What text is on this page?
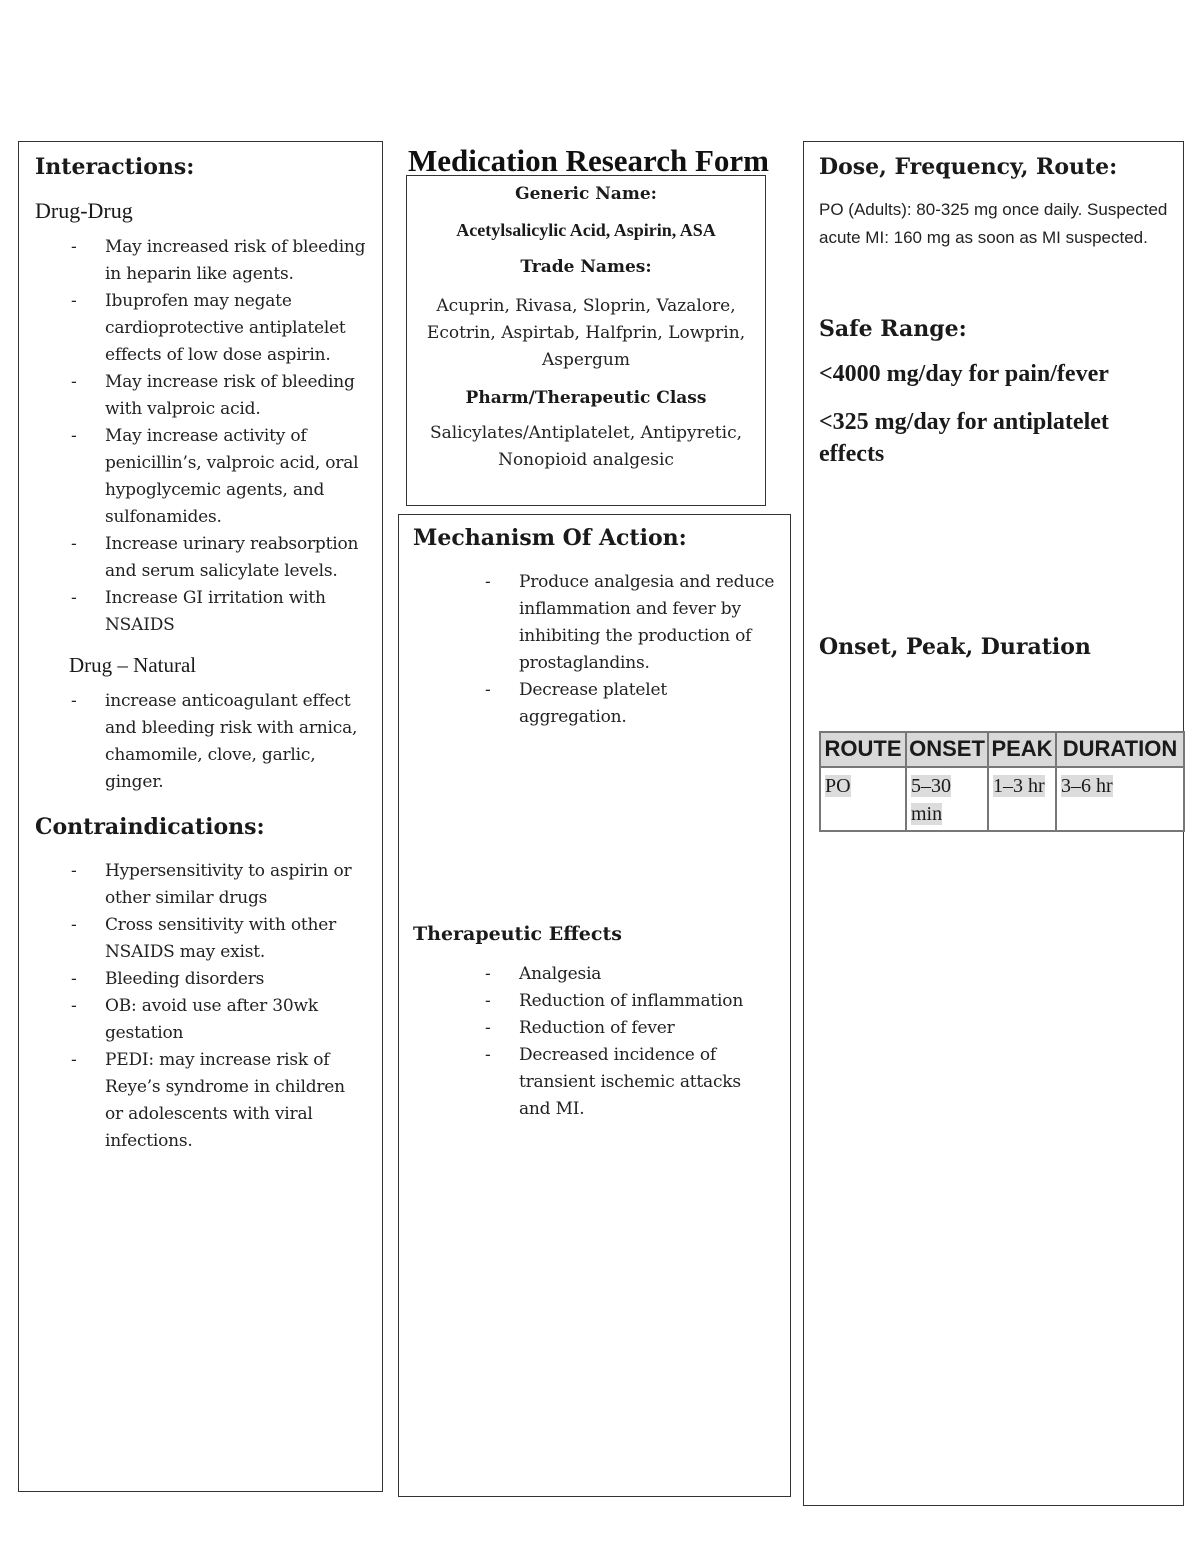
Interactions:
Drug-Drug
- May increased risk of bleeding in heparin like agents.
- Ibuprofen may negate cardioprotective antiplatelet effects of low dose aspirin.
- May increase risk of bleeding with valproic acid.
- May increase activity of penicillin’s, valproic acid, oral hypoglycemic agents, and sulfonamides.
- Increase urinary reabsorption and serum salicylate levels.
- Increase GI irritation with NSAIDS
Drug – Natural
- increase anticoagulant effect and bleeding risk with arnica, chamomile, clove, garlic, ginger.
Contraindications:
- Hypersensitivity to aspirin or other similar drugs
- Cross sensitivity with other NSAIDS may exist.
- Bleeding disorders
- OB: avoid use after 30wk gestation
- PEDI: may increase risk of Reye’s syndrome in children or adolescents with viral infections.
Medication Research Form

Generic Name:

Acetylsalicylic Acid, Aspirin, ASA

Trade Names:

Acuprin, Rivasa, Sloprin, Vazalore, Ecotrin, Aspirtab, Halfprin, Lowprin, Aspergum

Pharm/Therapeutic Class

Salicylates/Antiplatelet, Antipyretic, Nonopioid analgesic

Mechanism Of Action:
- Produce analgesia and reduce inflammation and fever by inhibiting the production of prostaglandins.
- Decrease platelet aggregation.
Therapeutic Effects
- Analgesia
- Reduction of inflammation
- Reduction of fever
- Decreased incidence of transient ischemic attacks and MI.
Dose, Frequency, Route:

PO (Adults): 80-325 mg once daily. Suspected acute MI: 160 mg as soon as MI suspected.

Safe Range:

<4000 mg/day for pain/fever

<325 mg/day for antiplatelet effects

Onset, Peak, Duration
ROUTE	ONSET	PEAK	DURATION
PO	5–30 min	1–3 hr	3–6 hr
